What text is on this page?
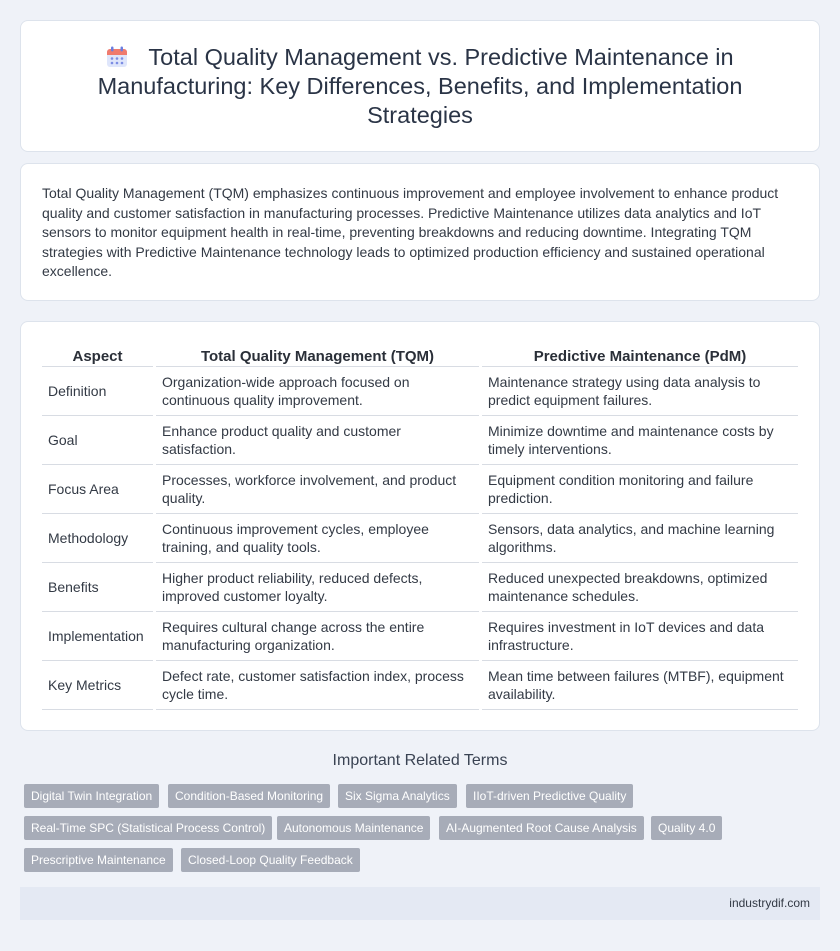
Total Quality Management vs. Predictive Maintenance in Manufacturing: Key Differences, Benefits, and Implementation Strategies

Total Quality Management (TQM) emphasizes continuous improvement and employee involvement to enhance product quality and customer satisfaction in manufacturing processes. Predictive Maintenance utilizes data analytics and IoT sensors to monitor equipment health in real-time, preventing breakdowns and reducing downtime. Integrating TQM strategies with Predictive Maintenance technology leads to optimized production efficiency and sustained operational excellence.

Aspect		Total Quality Management (TQM)		Predictive Maintenance (PdM)
Definition		Organization-wide approach focused on continuous quality improvement.		Maintenance strategy using data analysis to predict equipment failures.
Goal		Enhance product quality and customer satisfaction.		Minimize downtime and maintenance costs by timely interventions.
Focus Area		Processes, workforce involvement, and product quality.		Equipment condition monitoring and failure prediction.
Methodology		Continuous improvement cycles, employee training, and quality tools.		Sensors, data analytics, and machine learning algorithms.
Benefits		Higher product reliability, reduced defects, improved customer loyalty.		Reduced unexpected breakdowns, optimized maintenance schedules.
Implementation		Requires cultural change across the entire manufacturing organization.		Requires investment in IoT devices and data infrastructure.
Key Metrics		Defect rate, customer satisfaction index, process cycle time.		Mean time between failures (MTBF), equipment availability.
Important Related Terms
Digital Twin Integration	Condition-Based Monitoring	Six Sigma Analytics	IIoT-driven Predictive Quality
Real-Time SPC (Statistical Process Control)	Autonomous Maintenance	AI-Augmented Root Cause Analysis	Quality 4.0
Prescriptive Maintenance	Closed-Loop Quality Feedback
industrydif.com
